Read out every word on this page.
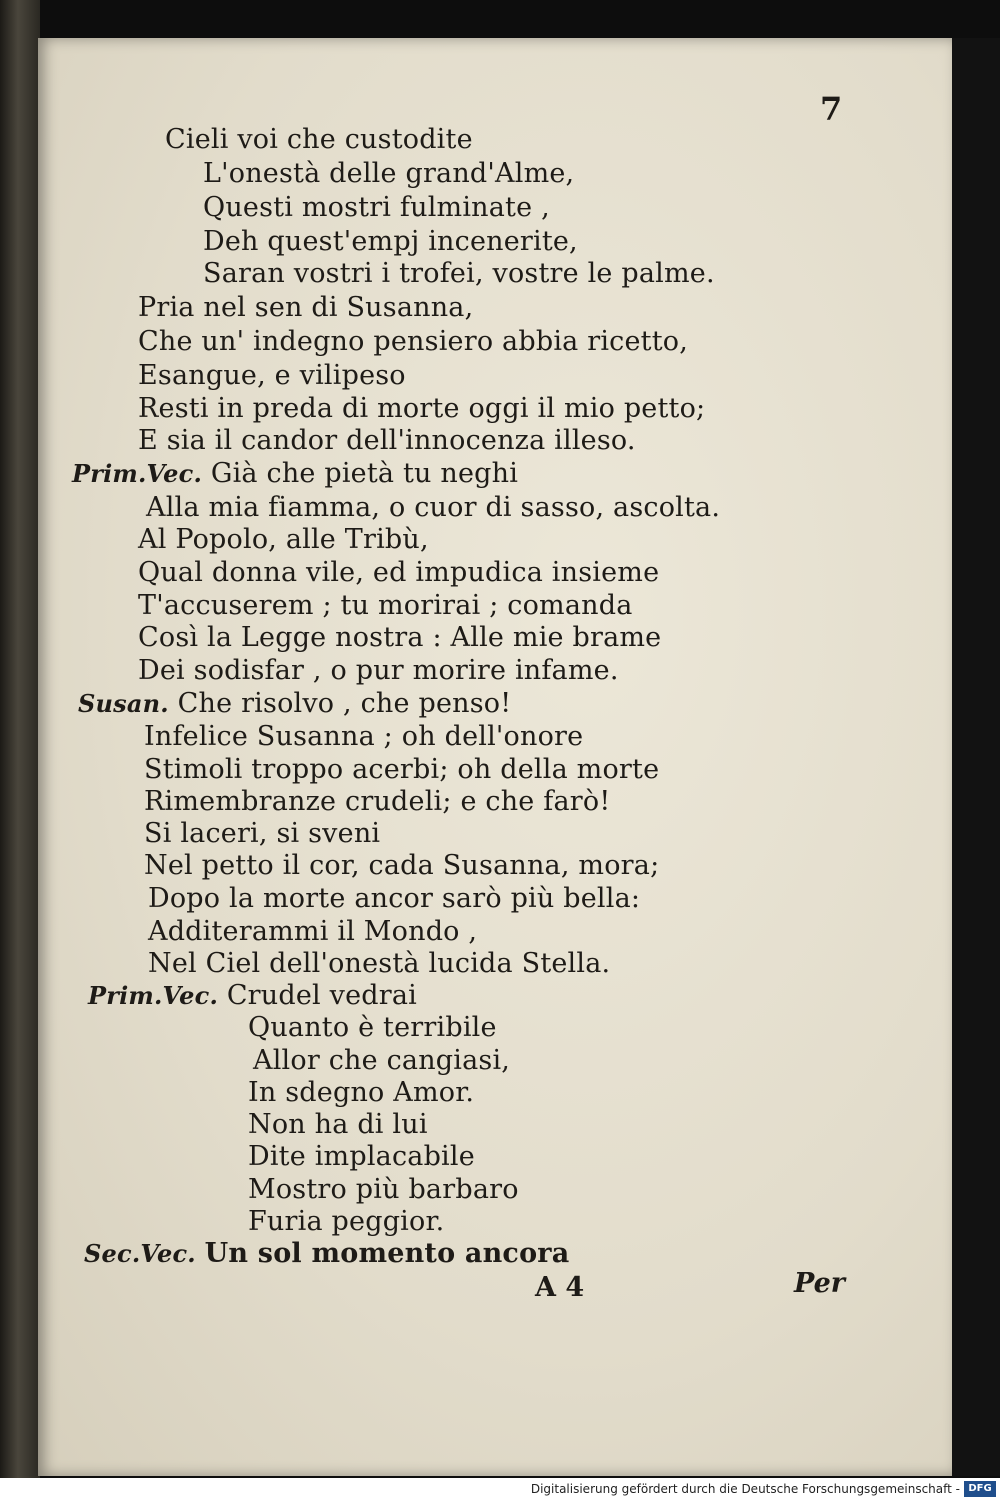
7
Cieli voi che custodite
L'onestà delle grand'Alme,
Questi mostri fulminate ,
Deh quest'empj incenerite,
Saran vostri i trofei, vostre le palme.
Pria nel sen di Susanna,
Che un' indegno pensiero abbia ricetto,
Esangue, e vilipeso
Resti in preda di morte oggi il mio petto;
E sia il candor dell'innocenza illeso.
Prim.Vec. Già che pietà tu neghi
Alla mia fiamma, o cuor di sasso, ascolta.
Al Popolo, alle Tribù,
Qual donna vile, ed impudica insieme
T'accuserem ; tu morirai ; comanda
Così la Legge nostra : Alle mie brame
Dei sodisfar , o pur morire infame.
Susan. Che risolvo , che penso!
Infelice Susanna ; oh dell'onore
Stimoli troppo acerbi; oh della morte
Rimembranze crudeli; e che farò!
Si laceri, si sveni
Nel petto il cor, cada Susanna, mora;
Dopo la morte ancor sarò più bella:
Additerammi il Mondo ,
Nel Ciel dell'onestà lucida Stella.
Prim.Vec. Crudel vedrai
Quanto è terribile
Allor che cangiasi,
In sdegno Amor.
Non ha di lui
Dite implacabile
Mostro più barbaro
Furia peggior.
Sec.Vec. Un sol momento ancora
A 4	Per
Digitalisierung gefördert durch die Deutsche Forschungsgemeinschaft - DFG
